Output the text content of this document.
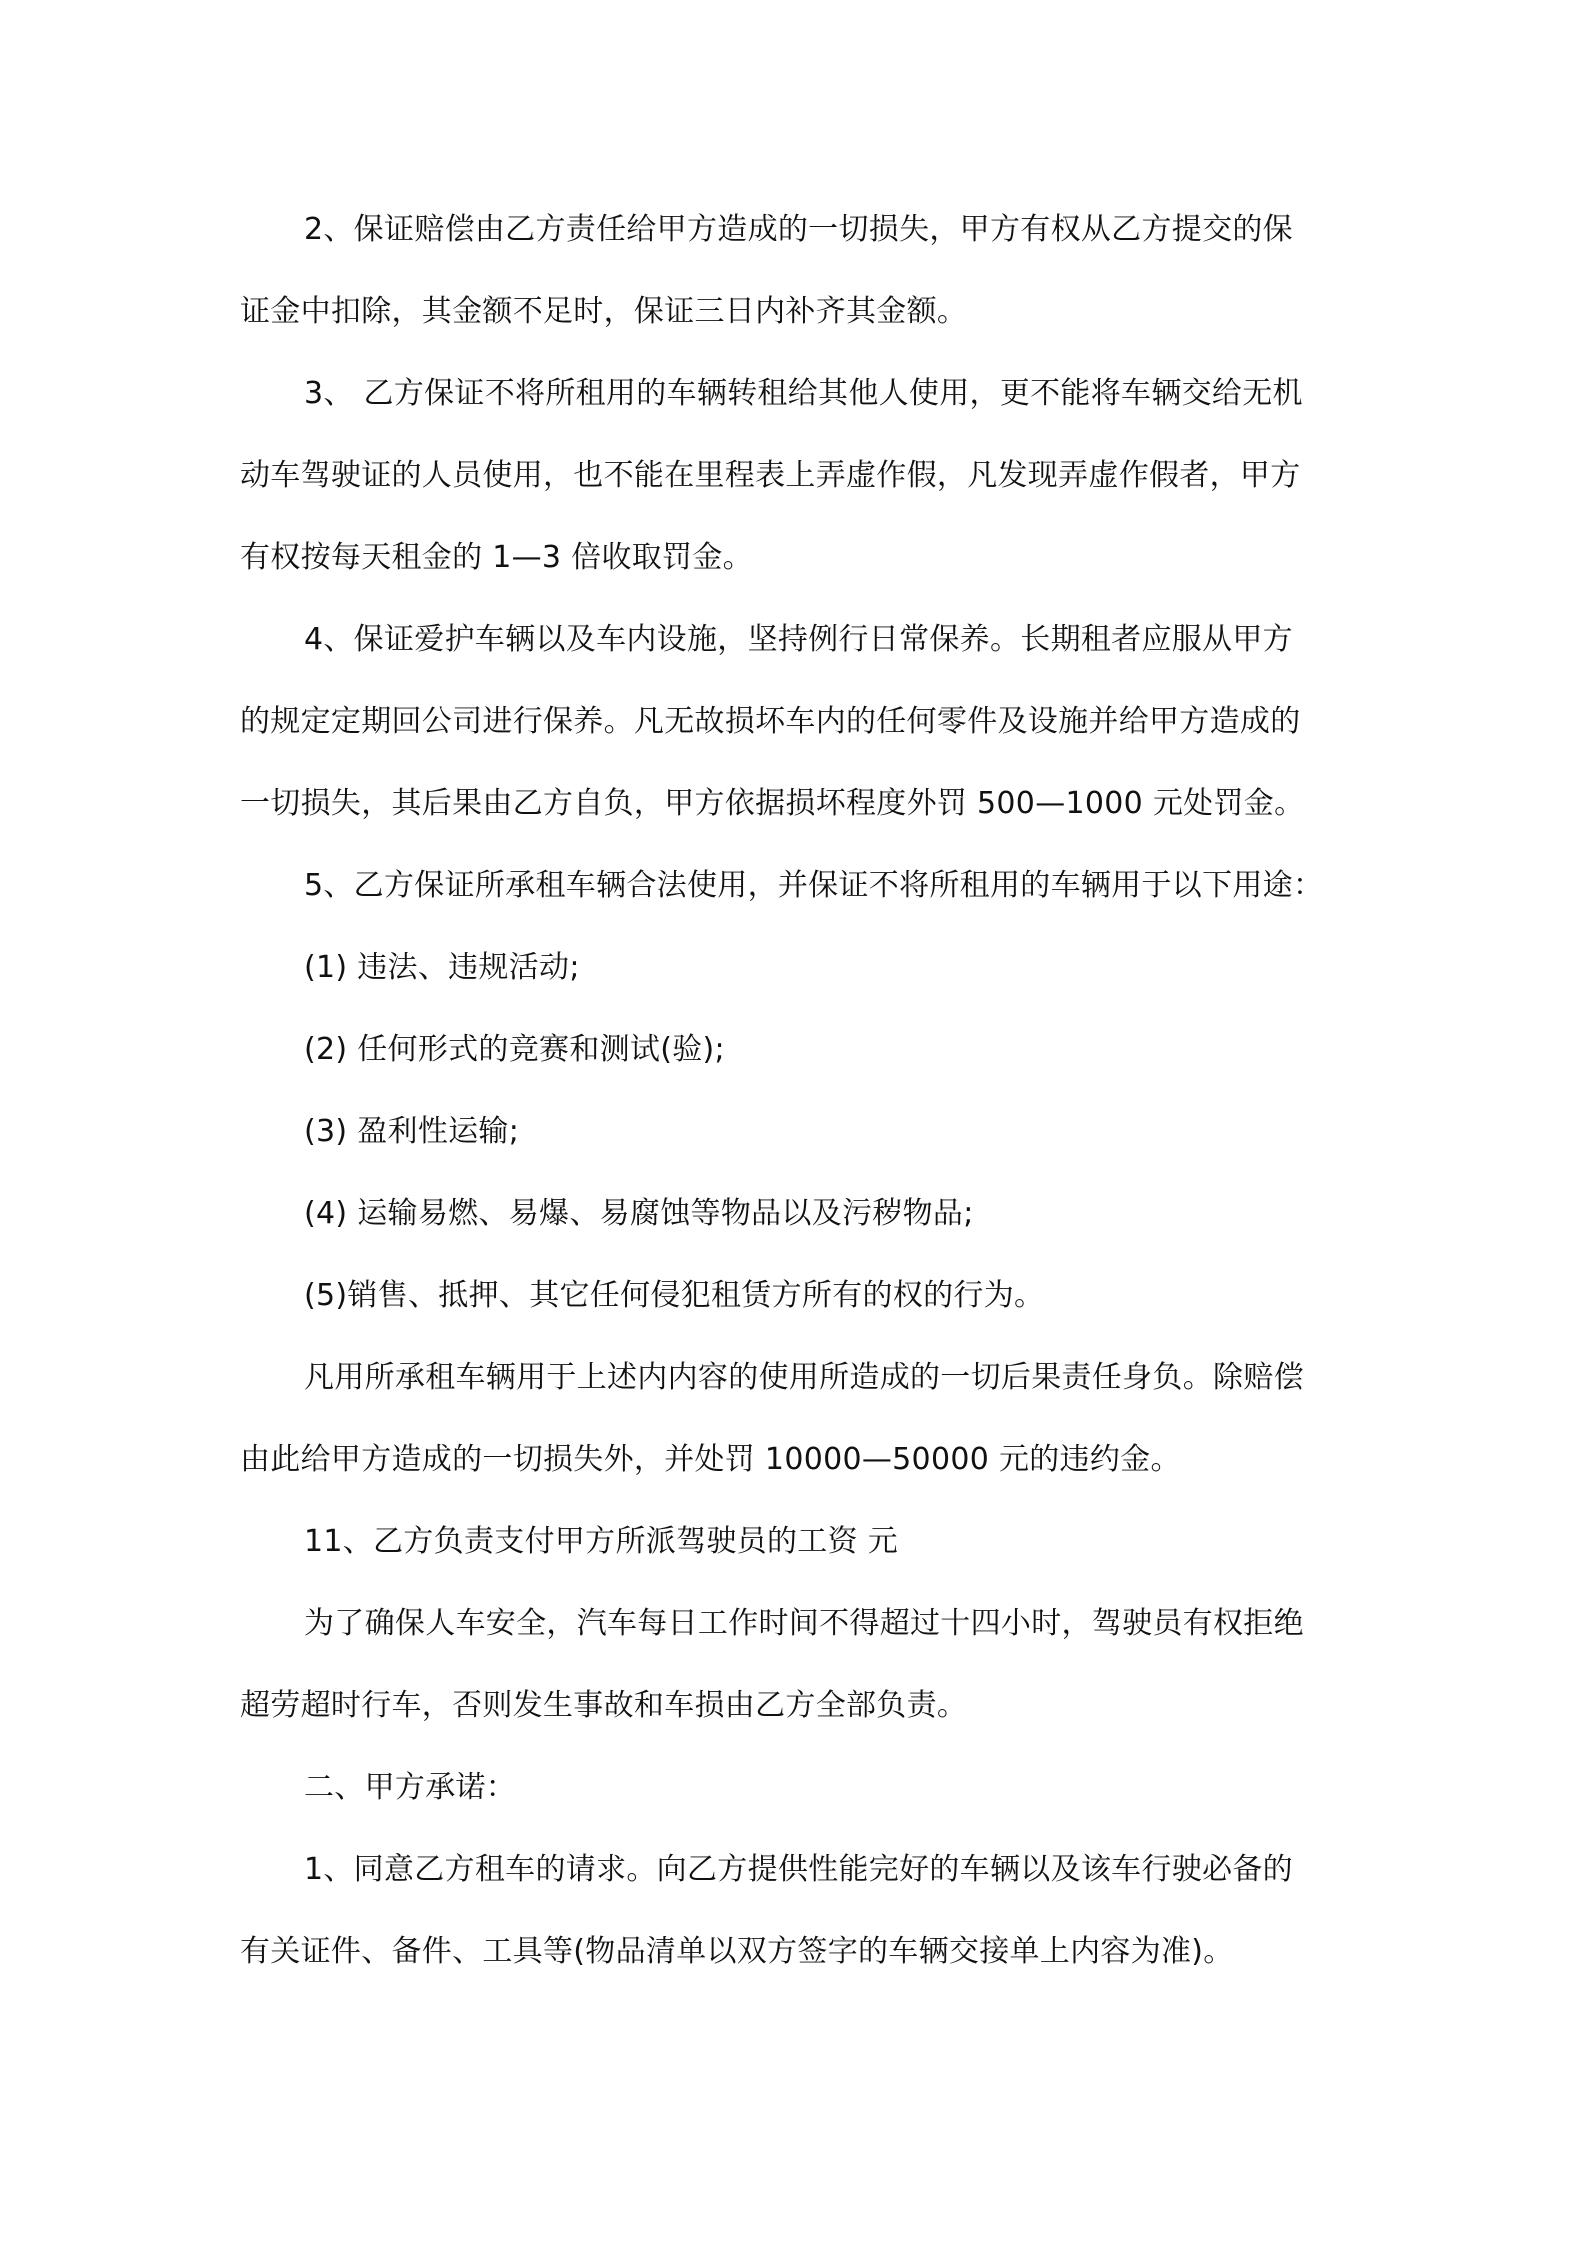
2、保证赔偿由乙方责任给甲方造成的一切损失，甲方有权从乙方提交的保
证金中扣除，其金额不足时，保证三日内补齐其金额。
3、 乙方保证不将所租用的车辆转租给其他人使用，更不能将车辆交给无机
动车驾驶证的人员使用，也不能在里程表上弄虚作假，凡发现弄虚作假者，甲方
有权按每天租金的 1—3 倍收取罚金。
4、保证爱护车辆以及车内设施，坚持例行日常保养。长期租者应服从甲方
的规定定期回公司进行保养。凡无故损坏车内的任何零件及设施并给甲方造成的
一切损失，其后果由乙方自负，甲方依据损坏程度外罚 500—1000 元处罚金。
5、乙方保证所承租车辆合法使用，并保证不将所租用的车辆用于以下用途：
(1) 违法、违规活动;
(2) 任何形式的竞赛和测试(验);
(3) 盈利性运输;
(4) 运输易燃、易爆、易腐蚀等物品以及污秽物品;
(5)销售、抵押、其它任何侵犯租赁方所有的权的行为。
凡用所承租车辆用于上述内内容的使用所造成的一切后果责任身负。除赔偿
由此给甲方造成的一切损失外，并处罚 10000—50000 元的违约金。
11、乙方负责支付甲方所派驾驶员的工资 元
为了确保人车安全，汽车每日工作时间不得超过十四小时，驾驶员有权拒绝
超劳超时行车，否则发生事故和车损由乙方全部负责。
二、甲方承诺：
1、同意乙方租车的请求。向乙方提供性能完好的车辆以及该车行驶必备的
有关证件、备件、工具等(物品清单以双方签字的车辆交接单上内容为准)。
